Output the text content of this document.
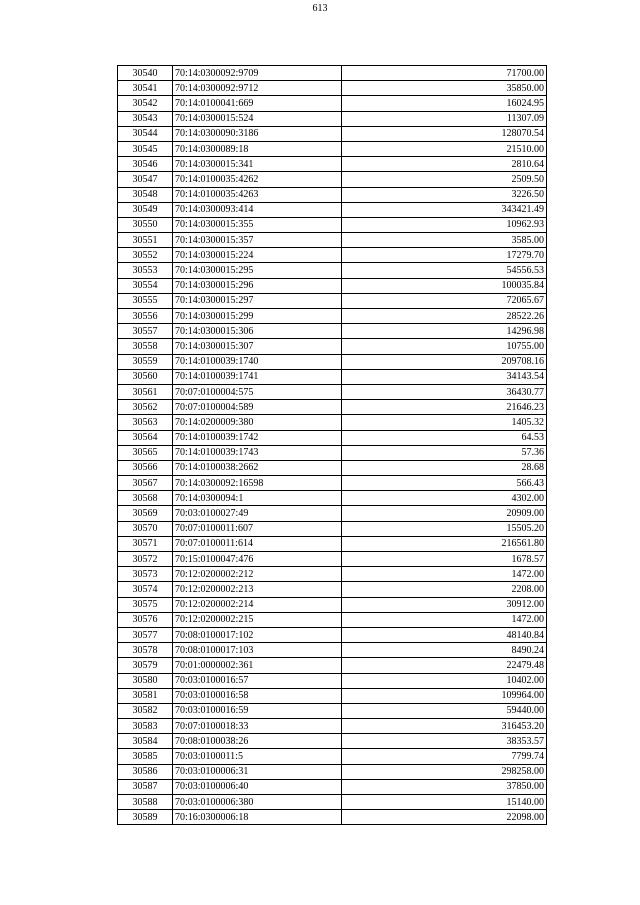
613
30540	70:14:0300092:9709	71700.00
30541	70:14:0300092:9712	35850.00
30542	70:14:0100041:669	16024.95
30543	70:14:0300015:524	11307.09
30544	70:14:0300090:3186	128070.54
30545	70:14:0300089:18	21510.00
30546	70:14:0300015:341	2810.64
30547	70:14:0100035:4262	2509.50
30548	70:14:0100035:4263	3226.50
30549	70:14:0300093:414	343421.49
30550	70:14:0300015:355	10962.93
30551	70:14:0300015:357	3585.00
30552	70:14:0300015:224	17279.70
30553	70:14:0300015:295	54556.53
30554	70:14:0300015:296	100035.84
30555	70:14:0300015:297	72065.67
30556	70:14:0300015:299	28522.26
30557	70:14:0300015:306	14296.98
30558	70:14:0300015:307	10755.00
30559	70:14:0100039:1740	209708.16
30560	70:14:0100039:1741	34143.54
30561	70:07:0100004:575	36430.77
30562	70:07:0100004:589	21646.23
30563	70:14:0200009:380	1405.32
30564	70:14:0100039:1742	64.53
30565	70:14:0100039:1743	57.36
30566	70:14:0100038:2662	28.68
30567	70:14:0300092:16598	566.43
30568	70:14:0300094:1	4302.00
30569	70:03:0100027:49	20909.00
30570	70:07:0100011:607	15505.20
30571	70:07:0100011:614	216561.80
30572	70:15:0100047:476	1678.57
30573	70:12:0200002:212	1472.00
30574	70:12:0200002:213	2208.00
30575	70:12:0200002:214	30912.00
30576	70:12:0200002:215	1472.00
30577	70:08:0100017:102	48140.84
30578	70:08:0100017:103	8490.24
30579	70:01:0000002:361	22479.48
30580	70:03:0100016:57	10402.00
30581	70:03:0100016:58	109964.00
30582	70:03:0100016:59	59440.00
30583	70:07:0100018:33	316453.20
30584	70:08:0100038:26	38353.57
30585	70:03:0100011:5	7799.74
30586	70:03:0100006:31	298258.00
30587	70:03:0100006:40	37850.00
30588	70:03:0100006:380	15140.00
30589	70:16:0300006:18	22098.00
